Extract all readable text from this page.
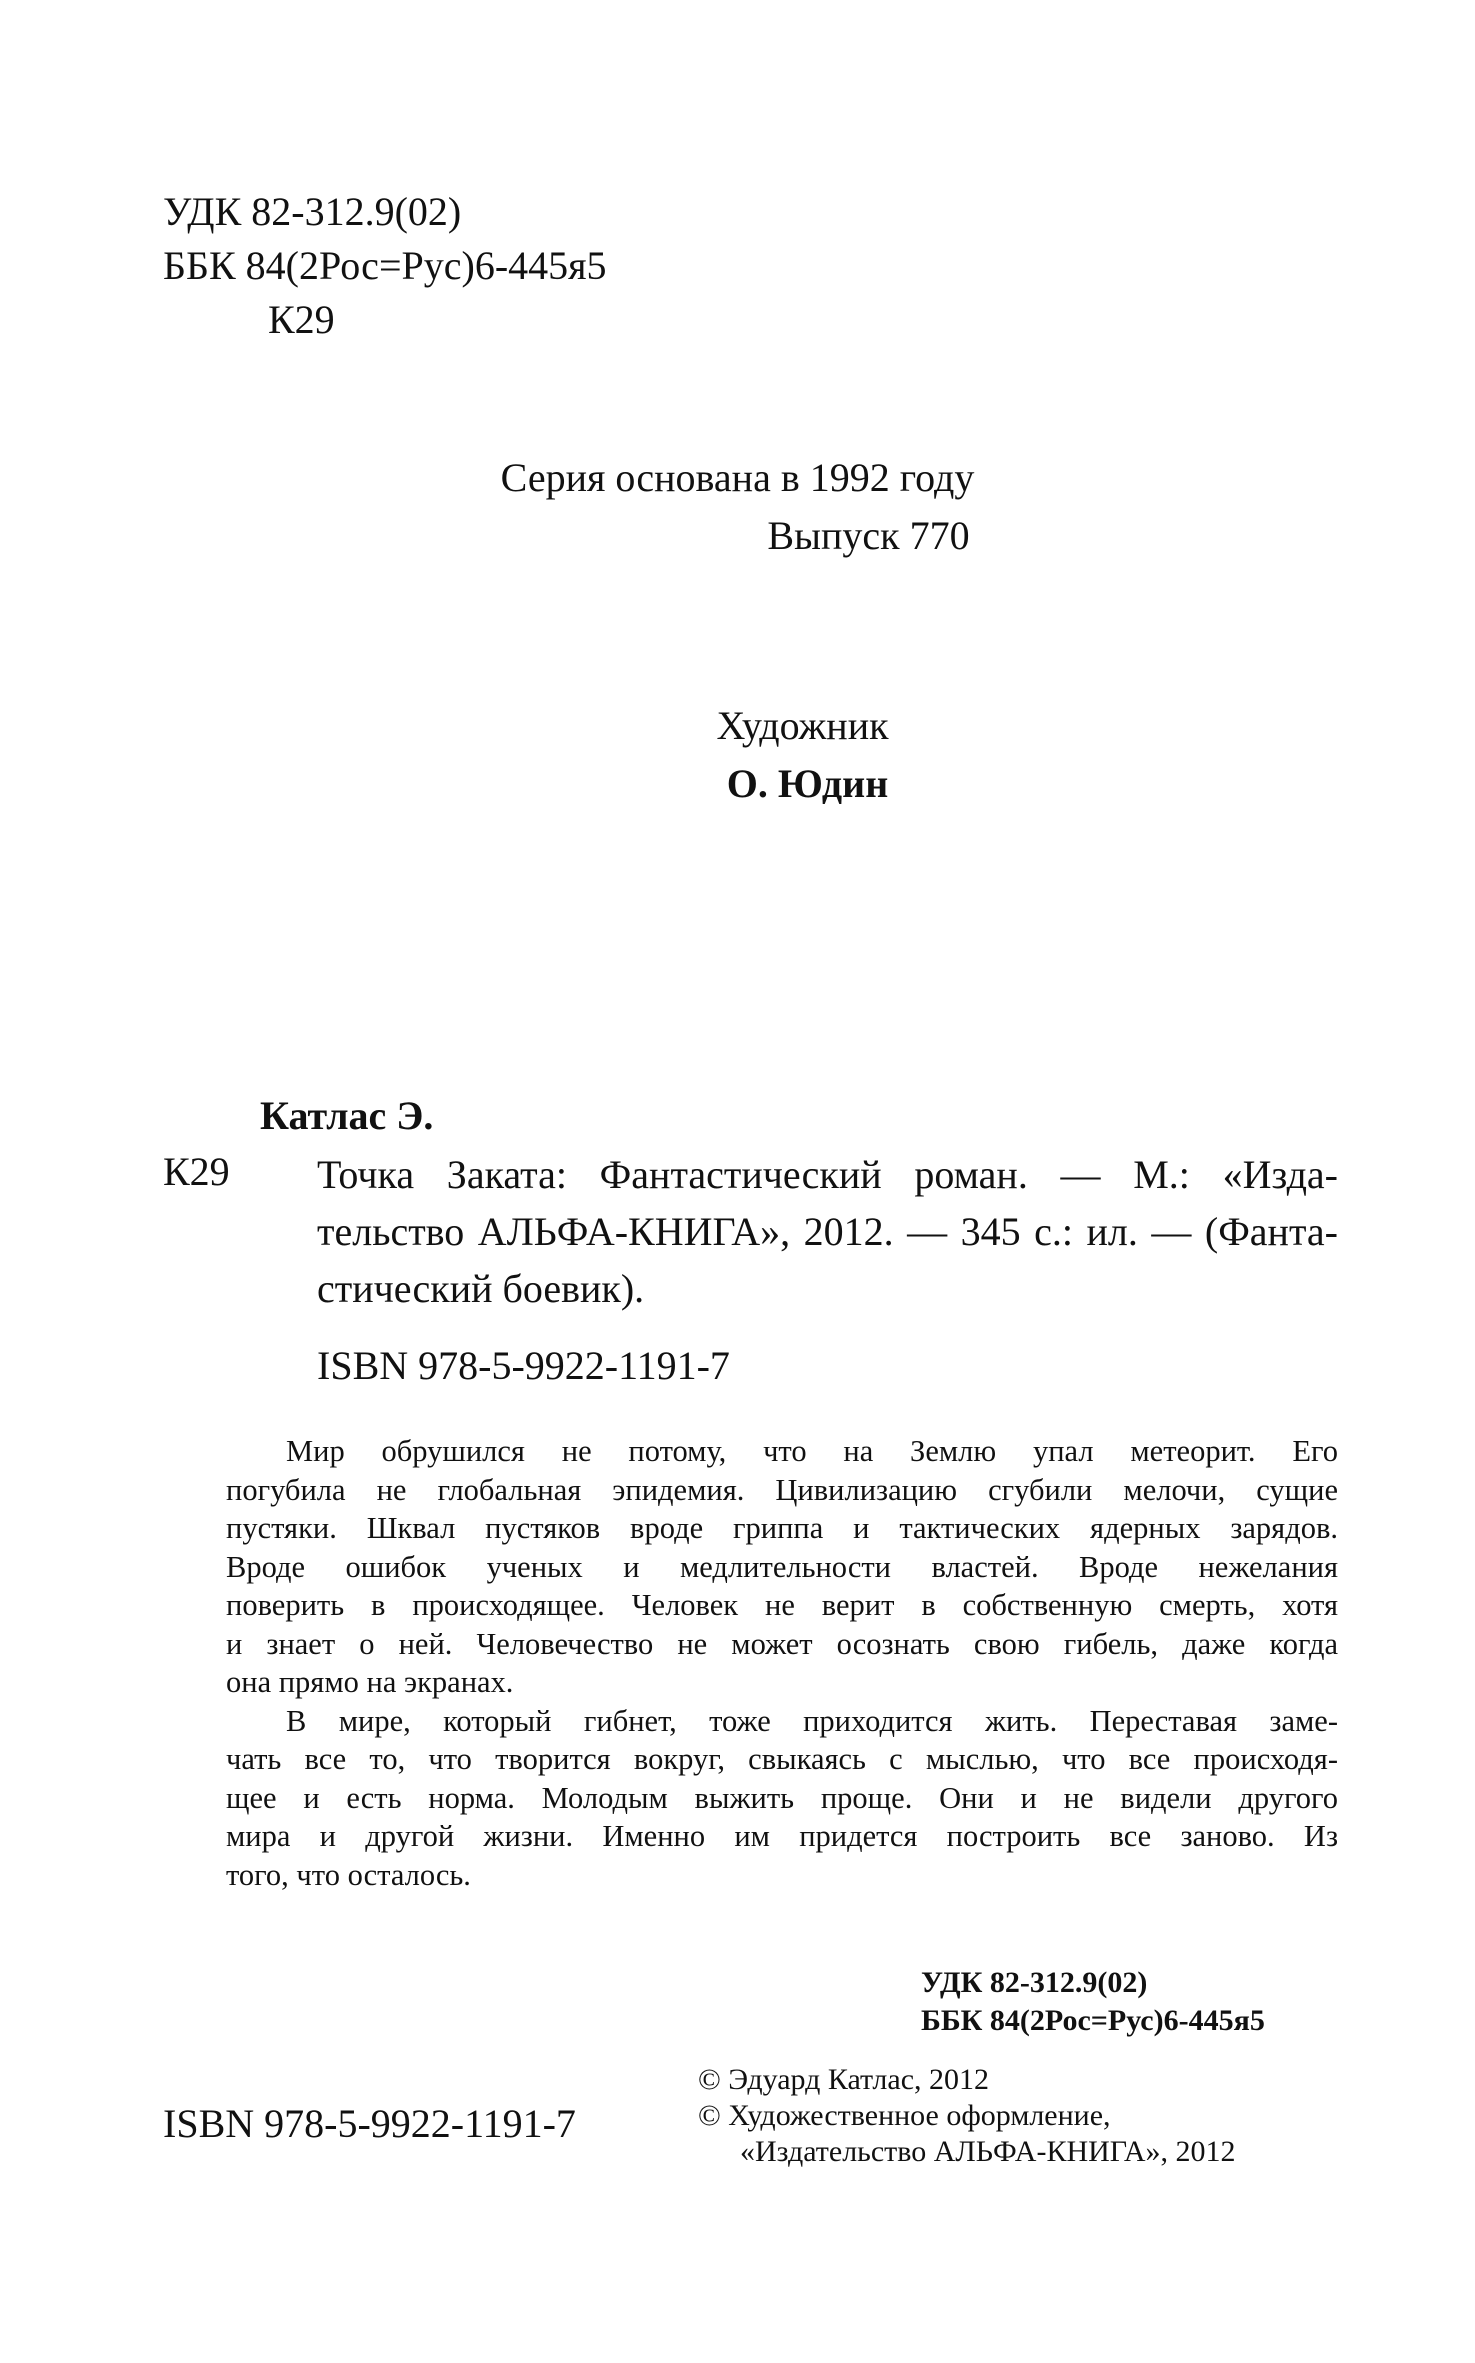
УДК 82-312.9(02)
ББК 84(2Рос=Рус)6-445я5
К29
Серия основана в 1992 году
Выпуск 770
Художник
О. Юдин
Катлас Э.
К29 Точка Заката: Фантастический роман. — М.: «Изда-
тельство АЛЬФА-КНИГА», 2012. — 345 с.: ил. — (Фанта-
стический боевик).
ISBN 978-5-9922-1191-7
Мир обрушился не потому, что на Землю упал метеорит. Его
погубила не глобальная эпидемия. Цивилизацию сгубили мелочи, сущие
пустяки. Шквал пустяков вроде гриппа и тактических ядерных зарядов.
Вроде ошибок ученых и медлительности властей. Вроде нежелания
поверить в происходящее. Человек не верит в собственную смерть, хотя
и знает о ней. Человечество не может осознать свою гибель, даже когда
она прямо на экранах.
В мире, который гибнет, тоже приходится жить. Переставая заме-
чать все то, что творится вокруг, свыкаясь с мыслью, что все происходя-
щее и есть норма. Молодым выжить проще. Они и не видели другого
мира и другой жизни. Именно им придется построить все заново. Из
того, что осталось.
УДК 82-312.9(02)
ББК 84(2Рос=Рус)6-445я5
ISBN 978-5-9922-1191-7
© Эдуард Катлас, 2012
© Художественное оформление,
«Издательство АЛЬФА-КНИГА», 2012
